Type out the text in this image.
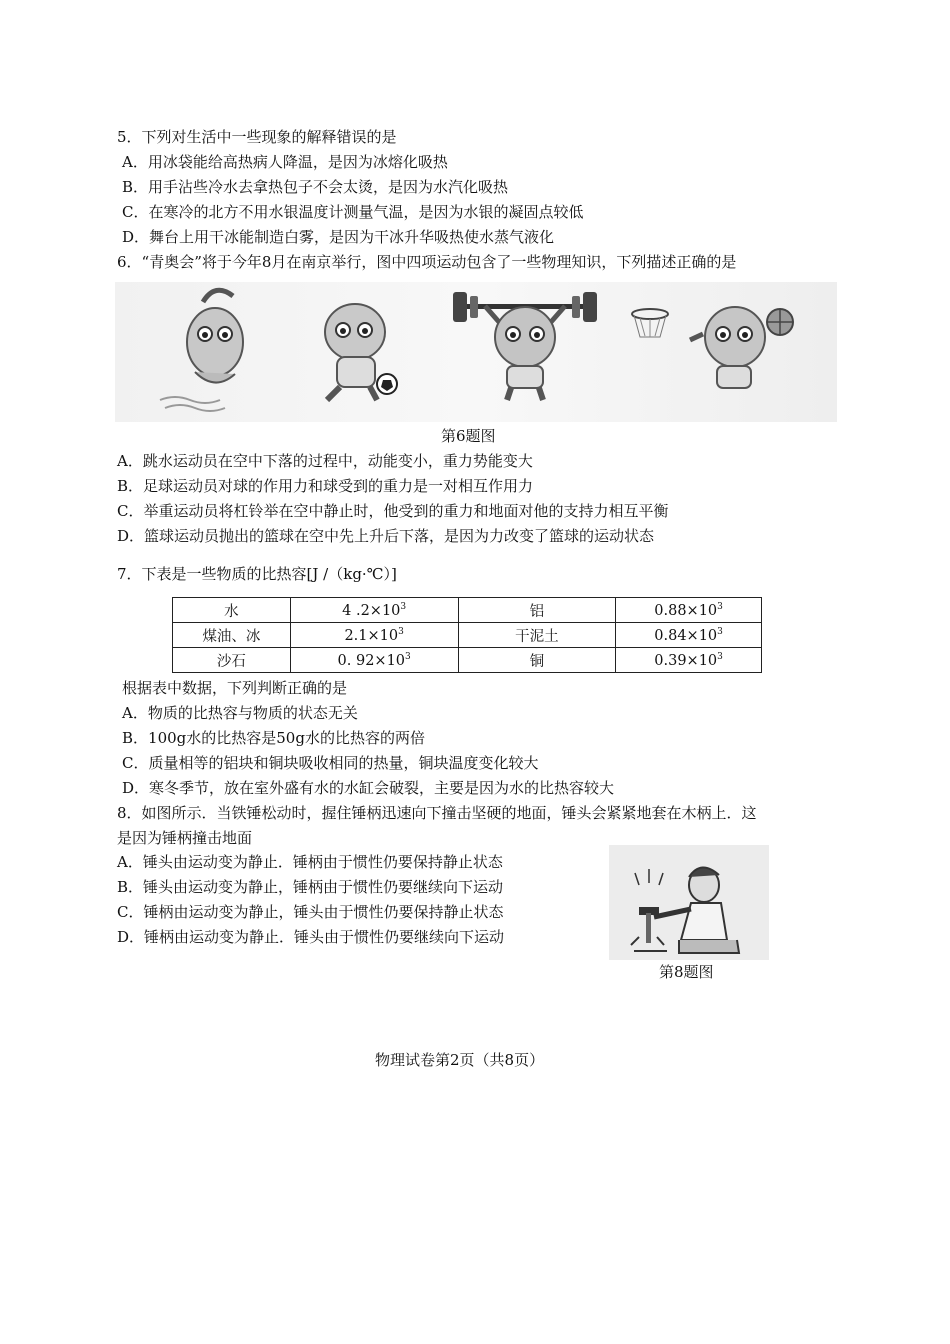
5．下列对生活中一些现象的解释错误的是
A．用冰袋能给高热病人降温，是因为冰熔化吸热
B．用手沾些冷水去拿热包子不会太烫，是因为水汽化吸热
C．在寒冷的北方不用水银温度计测量气温，是因为水银的凝固点较低
D．舞台上用干冰能制造白雾，是因为干冰升华吸热使水蒸气液化
6．“青奥会”将于今年8月在南京举行，图中四项运动包含了一些物理知识，下列描述正确的是
第6题图
A．跳水运动员在空中下落的过程中，动能变小，重力势能变大
B．足球运动员对球的作用力和球受到的重力是一对相互作用力
C．举重运动员将杠铃举在空中静止时，他受到的重力和地面对他的支持力相互平衡
D．篮球运动员抛出的篮球在空中先上升后下落，是因为力改变了篮球的运动状态
7．下表是一些物质的比热容[J /（kg·℃）]
水	4 $.2\times 10^3$	铝	$0.88\times 10^3$
煤油、冰	$2.1\times 10^3$	干泥土	$0.84\times 10^3$
沙石	0. $92\times 10^3$	铜	$0.39\times 10^3$
根据表中数据，下列判断正确的是
A．物质的比热容与物质的状态无关
B．100g水的比热容是50g水的比热容的两倍
C．质量相等的铝块和铜块吸收相同的热量，铜块温度变化较大
D．寒冬季节，放在室外盛有水的水缸会破裂，主要是因为水的比热容较大
8．如图所示．当铁锤松动时，握住锤柄迅速向下撞击坚硬的地面，锤头会紧紧地套在木柄上．这
是因为锤柄撞击地面
A．锤头由运动变为静止．锤柄由于惯性仍要保持静止状态
B．锤头由运动变为静止，锤柄由于惯性仍要继续向下运动
C．锤柄由运动变为静止，锤头由于惯性仍要保持静止状态
D．锤柄由运动变为静止．锤头由于惯性仍要继续向下运动
第8题图
物理试卷第2页（共8页）
